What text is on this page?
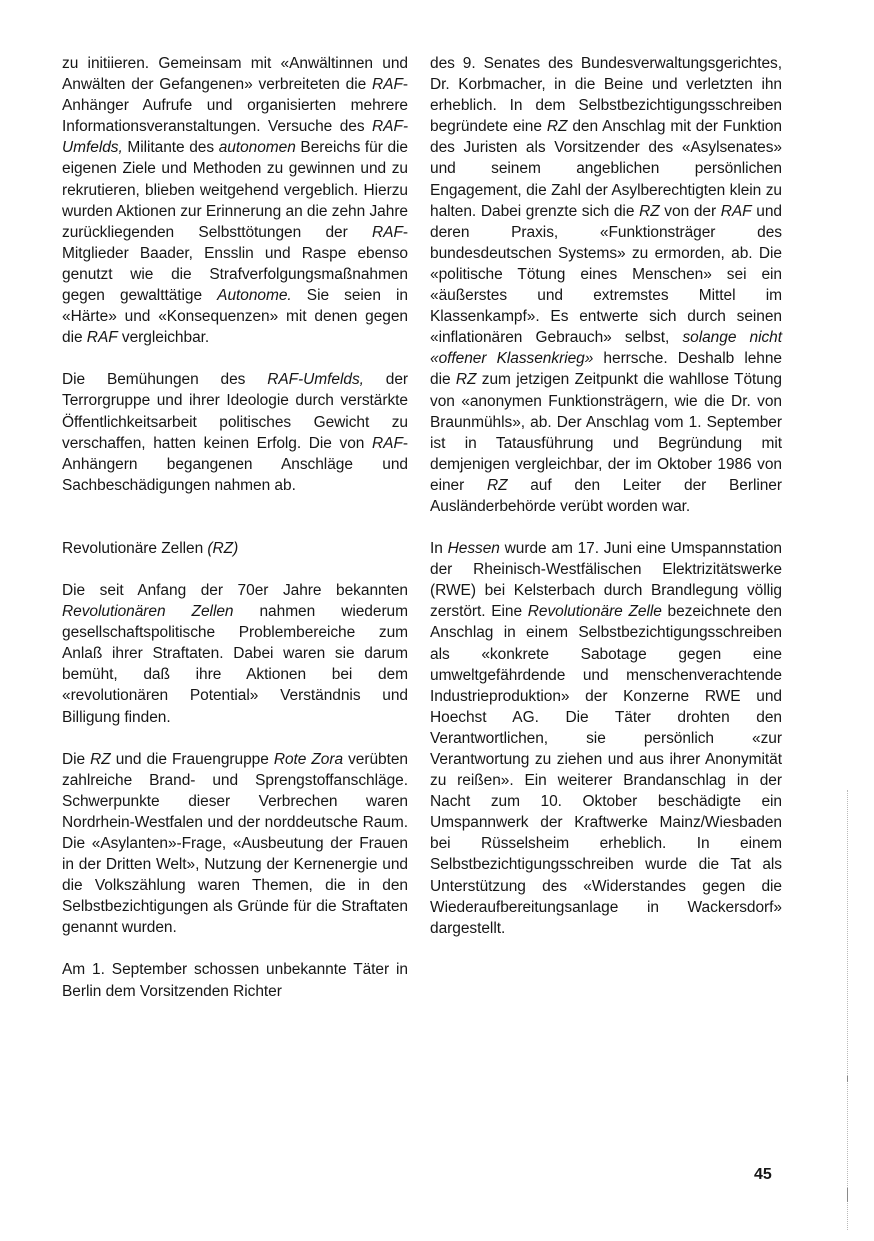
zu initiieren. Gemeinsam mit «Anwältinnen und Anwälten der Gefangenen» verbreiteten die RAF-Anhänger Aufrufe und organisierten mehrere Informationsveranstaltungen. Versuche des RAF-Umfelds, Militante des autonomen Bereichs für die eigenen Ziele und Methoden zu gewinnen und zu rekrutieren, blieben weitgehend vergeblich. Hierzu wurden Aktionen zur Erinnerung an die zehn Jahre zurückliegenden Selbsttötungen der RAF-Mitglieder Baader, Ensslin und Raspe ebenso genutzt wie die Strafverfolgungsmaßnahmen gegen gewalttätige Autonome. Sie seien in «Härte» und «Konsequenzen» mit denen gegen die RAF vergleichbar.

Die Bemühungen des RAF-Umfelds, der Terrorgruppe und ihrer Ideologie durch verstärkte Öffentlichkeitsarbeit politisches Gewicht zu verschaffen, hatten keinen Erfolg. Die von RAF-Anhängern begangenen Anschläge und Sachbeschädigungen nahmen ab.

Revolutionäre Zellen (RZ)

Die seit Anfang der 70er Jahre bekannten Revolutionären Zellen nahmen wiederum gesellschaftspolitische Problembereiche zum Anlaß ihrer Straftaten. Dabei waren sie darum bemüht, daß ihre Aktionen bei dem «revolutionären Potential» Verständnis und Billigung finden.

Die RZ und die Frauengruppe Rote Zora verübten zahlreiche Brand- und Sprengstoffanschläge. Schwerpunkte dieser Verbrechen waren Nordrhein-Westfalen und der norddeutsche Raum. Die «Asylanten»-Frage, «Ausbeutung der Frauen in der Dritten Welt», Nutzung der Kernenergie und die Volkszählung waren Themen, die in den Selbstbezichtigungen als Gründe für die Straftaten genannt wurden.

Am 1. September schossen unbekannte Täter in Berlin dem Vorsitzenden Richter

des 9. Senates des Bundesverwaltungsgerichtes, Dr. Korbmacher, in die Beine und verletzten ihn erheblich. In dem Selbstbezichtigungsschreiben begründete eine RZ den Anschlag mit der Funktion des Juristen als Vorsitzender des «Asylsenates» und seinem angeblichen persönlichen Engagement, die Zahl der Asylberechtigten klein zu halten. Dabei grenzte sich die RZ von der RAF und deren Praxis, «Funktionsträger des bundesdeutschen Systems» zu ermorden, ab. Die «politische Tötung eines Menschen» sei ein «äußerstes und extremstes Mittel im Klassenkampf». Es entwerte sich durch seinen «inflationären Gebrauch» selbst, solange nicht «offener Klassenkrieg» herrsche. Deshalb lehne die RZ zum jetzigen Zeitpunkt die wahllose Tötung von «anonymen Funktionsträgern, wie die Dr. von Braunmühls», ab. Der Anschlag vom 1. September ist in Tatausführung und Begründung mit demjenigen vergleichbar, der im Oktober 1986 von einer RZ auf den Leiter der Berliner Ausländerbehörde verübt worden war.

In Hessen wurde am 17. Juni eine Umspannstation der Rheinisch-Westfälischen Elektrizitätswerke (RWE) bei Kelsterbach durch Brandlegung völlig zerstört. Eine Revolutionäre Zelle bezeichnete den Anschlag in einem Selbstbezichtigungsschreiben als «konkrete Sabotage gegen eine umweltgefährdende und menschenverachtende Industrieproduktion» der Konzerne RWE und Hoechst AG. Die Täter drohten den Verantwortlichen, sie persönlich «zur Verantwortung zu ziehen und aus ihrer Anonymität zu reißen». Ein weiterer Brandanschlag in der Nacht zum 10. Oktober beschädigte ein Umspannwerk der Kraftwerke Mainz/Wiesbaden bei Rüsselsheim erheblich. In einem Selbstbezichtigungsschreiben wurde die Tat als Unterstützung des «Widerstandes gegen die Wiederaufbereitungsanlage in Wackersdorf» dargestellt.

45
